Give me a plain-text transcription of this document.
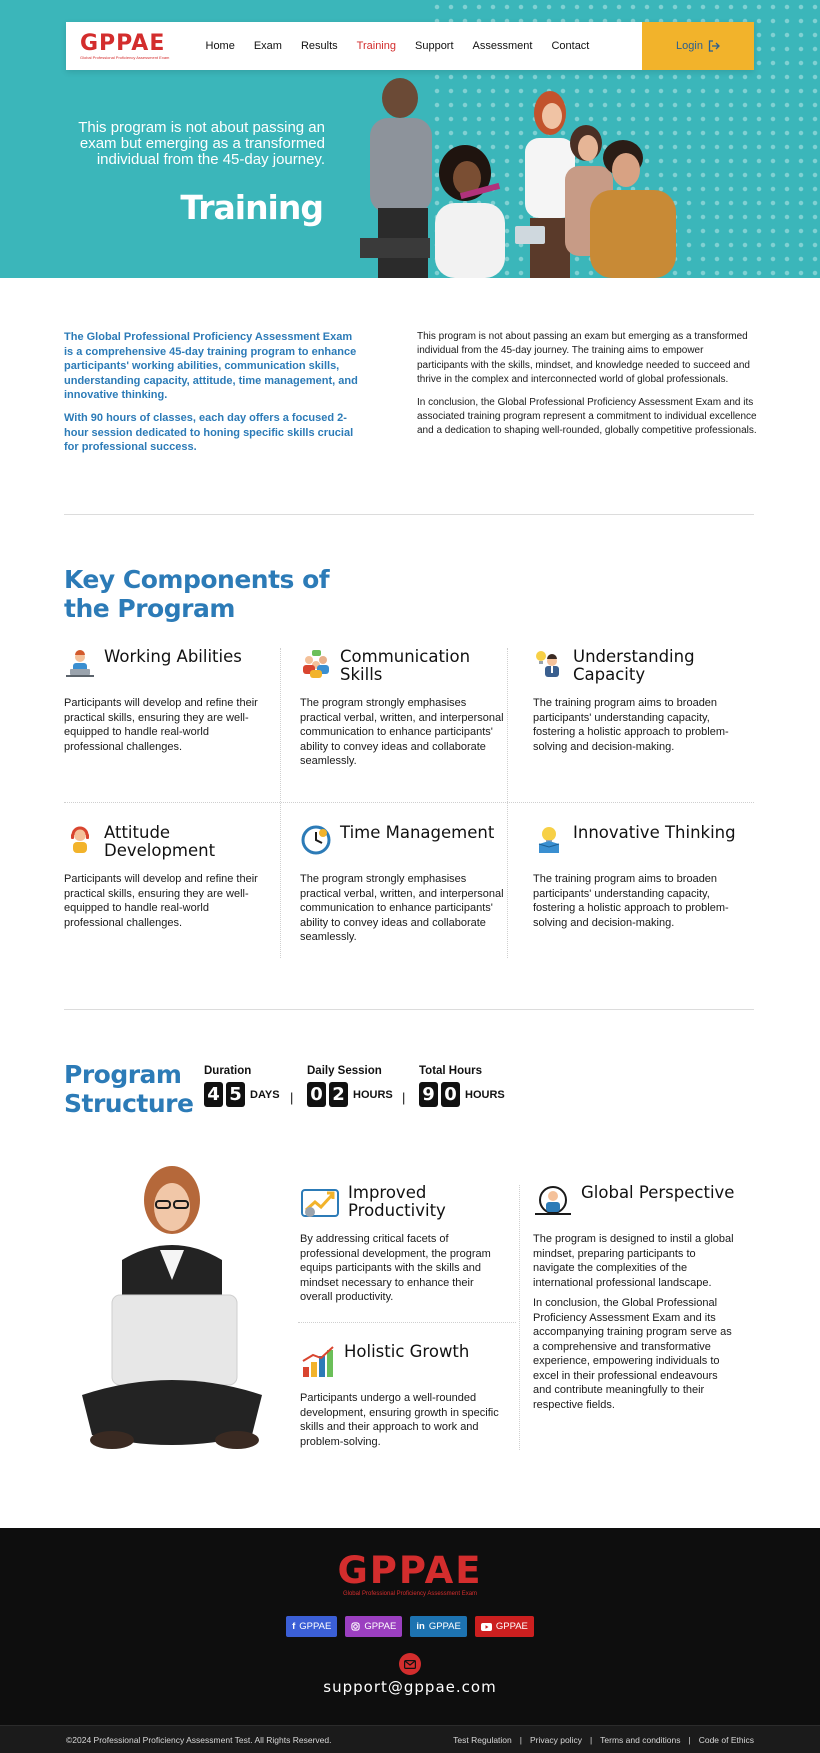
GPPAE
Global Professional Proficiency Assessment Exam
Home	Exam	Results	Training	Support	Assessment	Contact	Login
This program is not about passing an exam but emerging as a transformed individual from the 45-day journey.
Training

The Global Professional Proficiency Assessment Exam is a comprehensive 45-day training program to enhance participants' working abilities, communication skills, understanding capacity, attitude, time management, and innovative thinking.

With 90 hours of classes, each day offers a focused 2-hour session dedicated to honing specific skills crucial for professional success.

This program is not about passing an exam but emerging as a transformed individual from the 45-day journey. The training aims to empower participants with the skills, mindset, and knowledge needed to succeed and thrive in the complex and interconnected world of global professionals.

In conclusion, the Global Professional Proficiency Assessment Exam and its associated training program represent a commitment to individual excellence and a dedication to shaping well-rounded, globally competitive professionals.

Key Components of the Program
Working Abilities

Participants will develop and refine their practical skills, ensuring they are well-equipped to handle real-world professional challenges.

Communication Skills

The program strongly emphasises practical verbal, written, and interpersonal communication to enhance participants' ability to convey ideas and collaborate seamlessly.

Understanding Capacity

The training program aims to broaden participants' understanding capacity, fostering a holistic approach to problem-solving and decision-making.

Attitude Development

Participants will develop and refine their practical skills, ensuring they are well-equipped to handle real-world professional challenges.

Time Management

The program strongly emphasises practical verbal, written, and interpersonal communication to enhance participants' ability to convey ideas and collaborate seamlessly.

Innovative Thinking

The training program aims to broaden participants' understanding capacity, fostering a holistic approach to problem-solving and decision-making.

Program Structure
Duration
4 5 DAYS |
Daily Session
0 2 HOURS |
Total Hours
9 0 HOURS
Improved Productivity

By addressing critical facets of professional development, the program equips participants with the skills and mindset necessary to enhance their overall productivity.

Global Perspective

The program is designed to instil a global mindset, preparing participants to navigate the complexities of the international professional landscape.

In conclusion, the Global Professional Proficiency Assessment Exam and its accompanying training program serve as a comprehensive and transformative experience, empowering individuals to excel in their professional endeavours and contribute meaningfully to their respective fields.

Holistic Growth

Participants undergo a well-rounded development, ensuring growth in specific skills and their approach to work and problem-solving.

GPPAE
Global Professional Proficiency Assessment Exam
f GPPAE	GPPAE in GPPAE	GPPAE
support@gppae.com
©2024 Professional Proficiency Assessment Test. All Rights Reserved.	Test Regulation | Privacy policy | Terms and conditions | Code of Ethics
